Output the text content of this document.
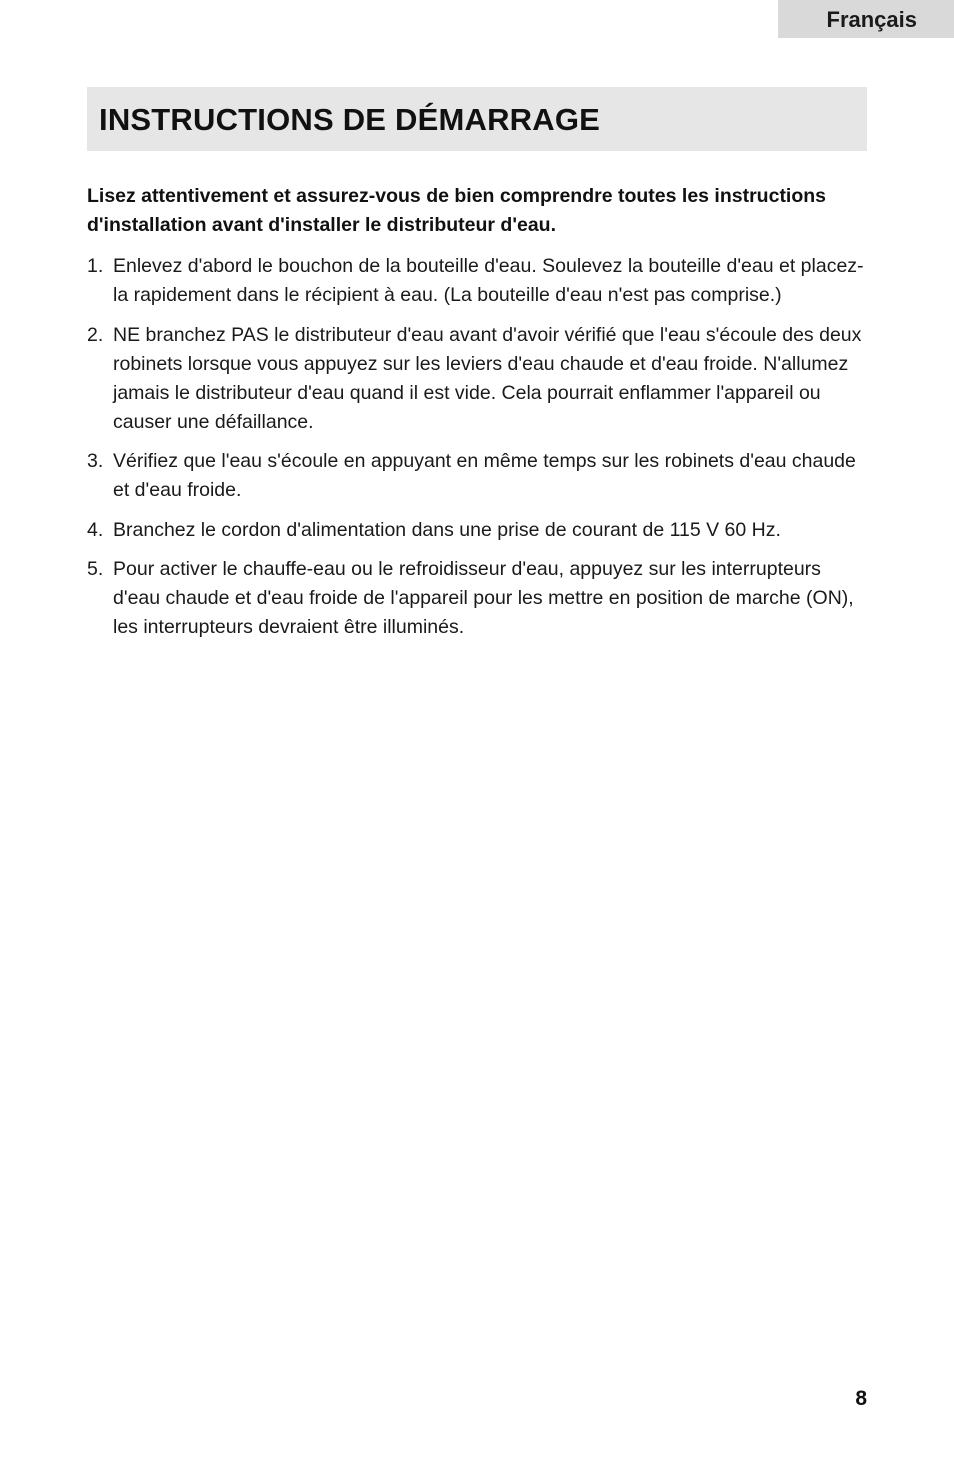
Français
INSTRUCTIONS DE DÉMARRAGE

Lisez attentivement et assurez-vous de bien comprendre toutes les instructions d'installation avant d'installer le distributeur d'eau.

1. Enlevez d'abord le bouchon de la bouteille d'eau. Soulevez la bouteille d'eau et placez-la rapidement dans le récipient à eau. (La bouteille d'eau n'est pas comprise.)
2. NE branchez PAS le distributeur d'eau avant d'avoir vérifié que l'eau s'écoule des deux robinets lorsque vous appuyez sur les leviers d'eau chaude et d'eau froide. N'allumez jamais le distributeur d'eau quand il est vide. Cela pourrait enflammer l'appareil ou causer une défaillance.
3. Vérifiez que l'eau s'écoule en appuyant en même temps sur les robinets d'eau chaude et d'eau froide.
4. Branchez le cordon d'alimentation dans une prise de courant de 115 V 60 Hz.
5. Pour activer le chauffe-eau ou le refroidisseur d'eau, appuyez sur les interrupteurs d'eau chaude et d'eau froide de l'appareil pour les mettre en position de marche (ON), les interrupteurs devraient être illuminés.
8
